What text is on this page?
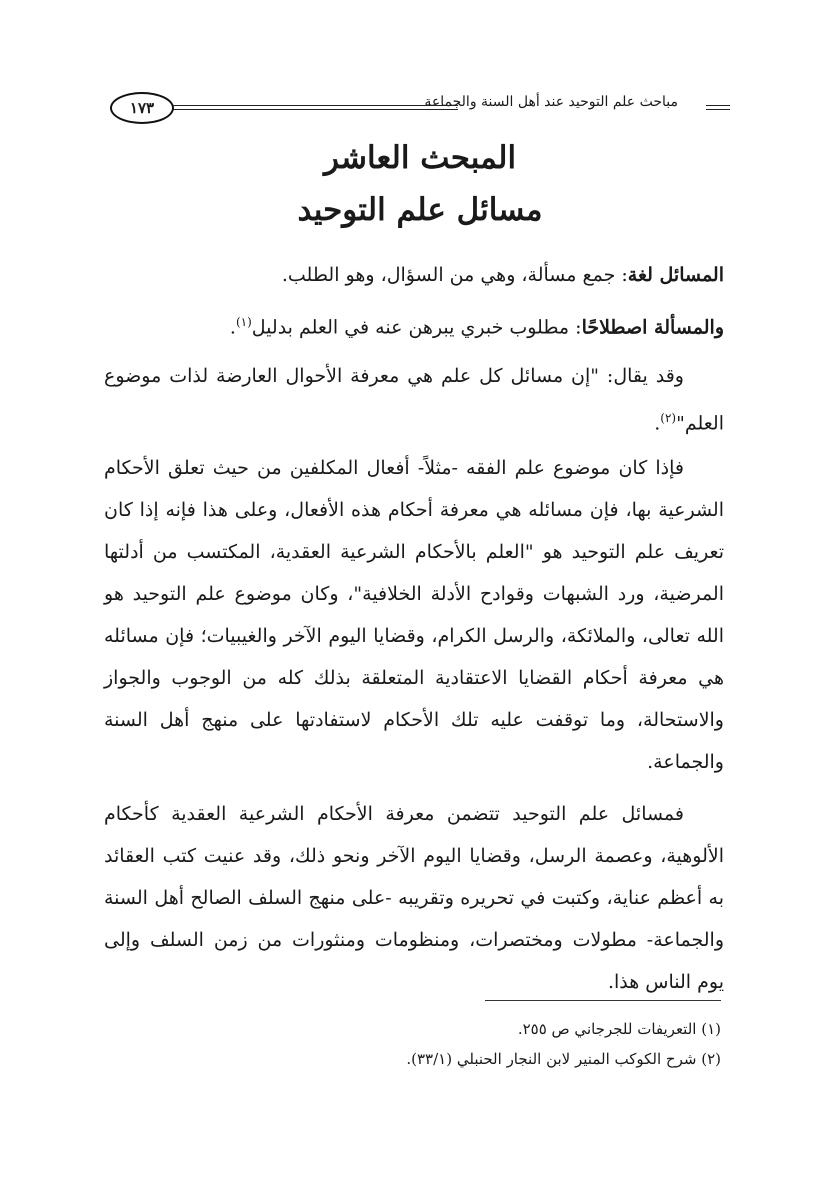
مباحث علم التوحيد عند أهل السنة والجماعة
١٧٣
المبحث العاشر
مسائل علم التوحيد
المسائل لغة: جمع مسألة، وهي من السؤال، وهو الطلب.
والمسألة اصطلاحًا: مطلوب خبري يبرهن عنه في العلم بدليل$^{(١)}$.
وقد يقال: "إن مسائل كل علم هي معرفة الأحوال العارضة لذات موضوع العلم"$^{(٢)}$.
فإذا كان موضوع علم الفقه -مثلاً- أفعال المكلفين من حيث تعلق الأحكام الشرعية بها، فإن مسائله هي معرفة أحكام هذه الأفعال، وعلى هذا فإنه إذا كان تعريف علم التوحيد هو "العلم بالأحكام الشرعية العقدية، المكتسب من أدلتها المرضية، ورد الشبهات وقوادح الأدلة الخلافية"، وكان موضوع علم التوحيد هو الله تعالى، والملائكة، والرسل الكرام، وقضايا اليوم الآخر والغيبيات؛ فإن مسائله هي معرفة أحكام القضايا الاعتقادية المتعلقة بذلك كله من الوجوب والجواز والاستحالة، وما توقفت عليه تلك الأحكام لاستفادتها على منهج أهل السنة والجماعة.
فمسائل علم التوحيد تتضمن معرفة الأحكام الشرعية العقدية كأحكام الألوهية، وعصمة الرسل، وقضايا اليوم الآخر ونحو ذلك، وقد عنيت كتب العقائد به أعظم عناية، وكتبت في تحريره وتقريبه -على منهج السلف الصالح أهل السنة والجماعة- مطولات ومختصرات، ومنظومات ومنثورات من زمن السلف وإلى يوم الناس هذا.
(١) التعريفات للجرجاني ص ٢٥٥.
(٢) شرح الكوكب المنير لابن النجار الحنبلي (٣٣/١).
